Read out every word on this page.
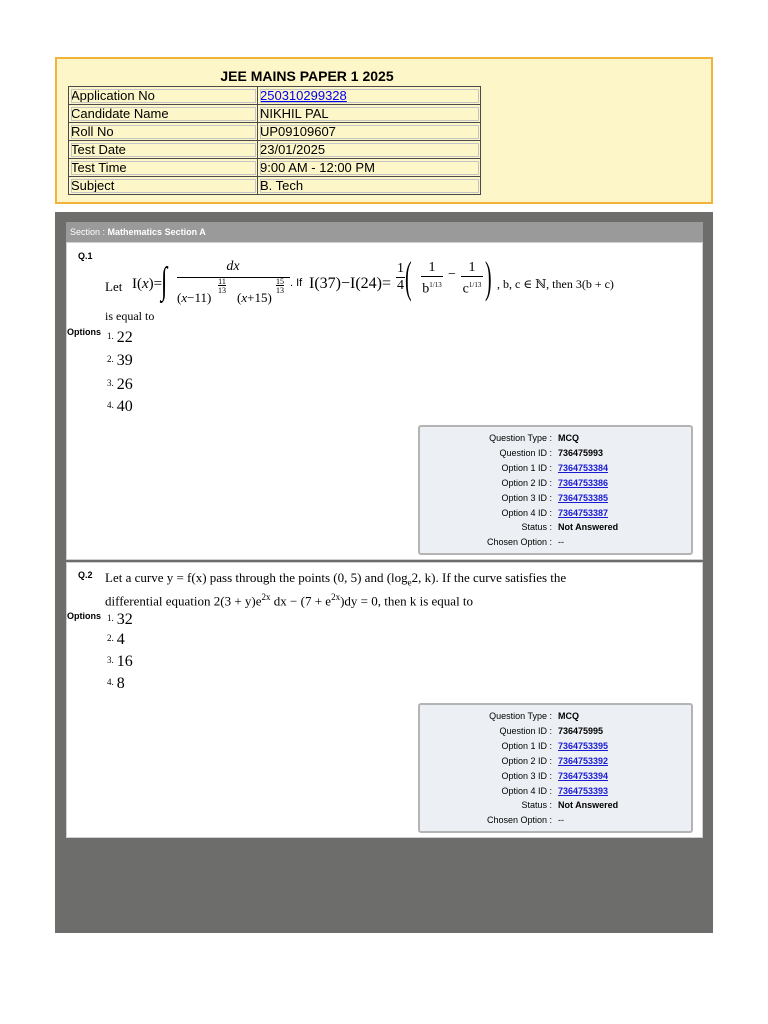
JEE MAINS PAPER 1 2025
Application No	250310299328
Candidate Name	NIKHIL PAL
Roll No	UP09109607
Test Date	23/01/2025
Test Time	9:00 AM - 12:00 PM
Subject	B. Tech
Section : Mathematics Section A
Q.1
Let I(x)=
∫	dx
(x−11)
11
13 (x+15)
15
13
. If I(37)−I(24)=
1
4 (	1
$b^{1/13}$
− 1
$c^{1/13}$ ) , b, c ∈ ℕ, then 3(b + c)
is equal to
Options $^{1.}$ 22
$^{2.}$ 39
$^{3.}$ 26
$^{4.}$ 40
Question Type : MCQ
Question ID : 736475993
Option 1 ID : 7364753384
Option 2 ID : 7364753386
Option 3 ID : 7364753385
Option 4 ID : 7364753387
Status : Not Answered
Chosen Option : --
Q.2 Let a curve y = f(x) pass through the points (0, 5) and ($\log_e2$, k). If the curve satisfies the
differential equation $2(3 + y)e^{2x}$ dx − $(7 + e^{2x})dy = 0$, then k is equal to
Options $^{1.}$ 32
$^{2.}$ 4
$^{3.}$ 16
$^{4.}$ 8
Question Type : MCQ
Question ID : 736475995
Option 1 ID : 7364753395
Option 2 ID : 7364753392
Option 3 ID : 7364753394
Option 4 ID : 7364753393
Status : Not Answered
Chosen Option : --
